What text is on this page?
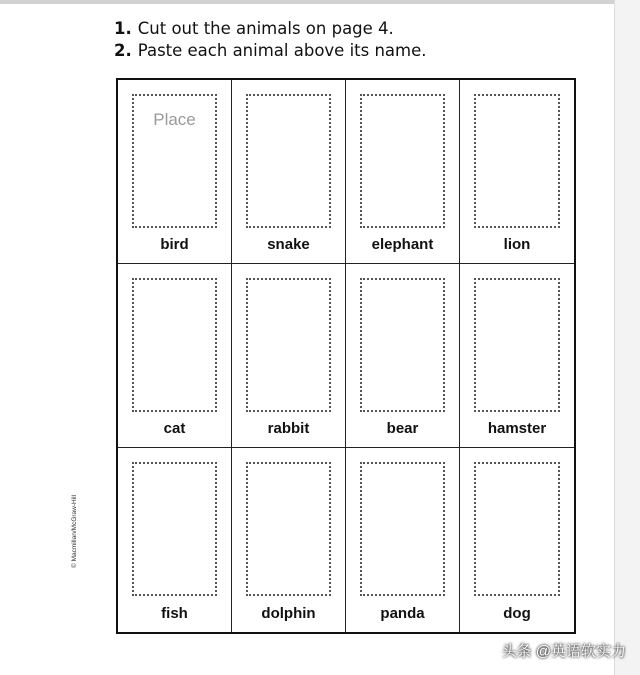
1. Cut out the animals on page 4.
2. Paste each animal above its name.
Place
bird	snake	elephant	lion
cat	rabbit	bear	hamster
fish	dolphin	panda	dog
© Macmillan/McGraw-Hill
头条 @英语软实力
